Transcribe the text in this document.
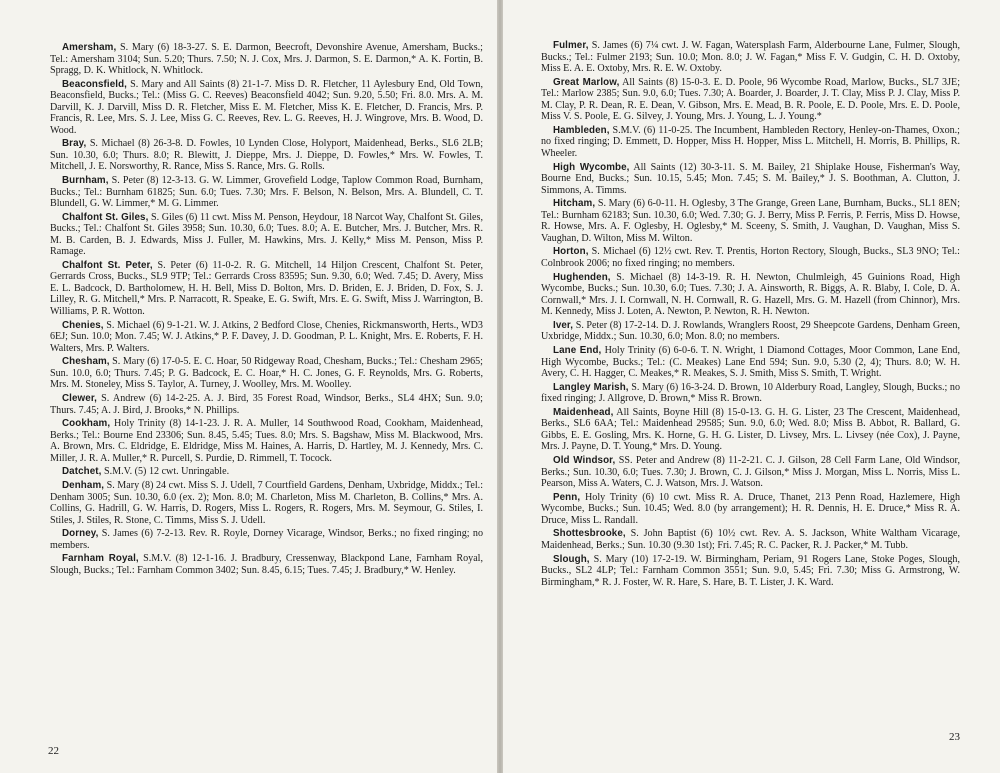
Amersham, S. Mary (6) 18-3-27. S. E. Darmon, Beecroft, Devonshire Avenue, Amersham, Bucks.; Tel.: Amersham 3104; Sun. 5.20; Thurs. 7.50; N. J. Cox, Mrs. J. Darmon, S. E. Darmon,* A. K. Fortin, B. Spragg, D. K. Whitlock, N. Whitlock.

Beaconsfield, S. Mary and All Saints (8) 21-1-7. Miss D. R. Fletcher, 11 Aylesbury End, Old Town, Beaconsfield, Bucks.; Tel.: (Miss G. C. Reeves) Beaconsfield 4042; Sun. 9.20, 5.50; Fri. 8.0. Mrs. A. M. Darvill, K. J. Darvill, Miss D. R. Fletcher, Miss E. M. Fletcher, Miss K. E. Fletcher, D. Francis, Mrs. P. Francis, R. Lee, Mrs. S. J. Lee, Miss G. C. Reeves, Rev. L. G. Reeves, H. J. Wingrove, Mrs. B. Wood, D. Wood.

Bray, S. Michael (8) 26-3-8. D. Fowles, 10 Lynden Close, Holyport, Maidenhead, Berks., SL6 2LB; Sun. 10.30, 6.0; Thurs. 8.0; R. Blewitt, J. Dieppe, Mrs. J. Dieppe, D. Fowles,* Mrs. W. Fowles, T. Mitchell, J. E. Norsworthy, R. Rance, Miss S. Rance, Mrs. G. Rolls.

Burnham, S. Peter (8) 12-3-13. G. W. Limmer, Grovefield Lodge, Taplow Common Road, Burnham, Bucks.; Tel.: Burnham 61825; Sun. 6.0; Tues. 7.30; Mrs. F. Belson, N. Belson, Mrs. A. Blundell, C. T. Blundell, G. W. Limmer,* M. G. Limmer.

Chalfont St. Giles, S. Giles (6) 11 cwt. Miss M. Penson, Heydour, 18 Narcot Way, Chalfont St. Giles, Bucks.; Tel.: Chalfont St. Giles 3958; Sun. 10.30, 6.0; Tues. 8.0; A. E. Butcher, Mrs. J. Butcher, Mrs. R. M. B. Carden, B. J. Edwards, Miss J. Fuller, M. Hawkins, Mrs. J. Kelly,* Miss M. Penson, Miss P. Ramage.

Chalfont St. Peter, S. Peter (6) 11-0-2. R. G. Mitchell, 14 Hiljon Crescent, Chalfont St. Peter, Gerrards Cross, Bucks., SL9 9TP; Tel.: Gerrards Cross 83595; Sun. 9.30, 6.0; Wed. 7.45; D. Avery, Miss E. L. Badcock, D. Bartholomew, H. H. Bell, Miss D. Bolton, Mrs. D. Briden, E. J. Briden, D. Fox, S. J. Lilley, R. G. Mitchell,* Mrs. P. Narracott, R. Speake, E. G. Swift, Mrs. E. G. Swift, Miss J. Warrington, B. Williams, P. R. Wotton.

Chenies, S. Michael (6) 9-1-21. W. J. Atkins, 2 Bedford Close, Chenies, Rickmansworth, Herts., WD3 6EJ; Sun. 10.0; Mon. 7.45; W. J. Atkins,* P. F. Davey, J. D. Goodman, P. L. Knight, Mrs. E. Roberts, F. H. Walters, Mrs. P. Walters.

Chesham, S. Mary (6) 17-0-5. E. C. Hoar, 50 Ridgeway Road, Chesham, Bucks.; Tel.: Chesham 2965; Sun. 10.0, 6.0; Thurs. 7.45; P. G. Badcock, E. C. Hoar,* H. C. Jones, G. F. Reynolds, Mrs. G. Roberts, Mrs. M. Stoneley, Miss S. Taylor, A. Turney, J. Woolley, Mrs. M. Woolley.

Clewer, S. Andrew (6) 14-2-25. A. J. Bird, 35 Forest Road, Windsor, Berks., SL4 4HX; Sun. 9.0; Thurs. 7.45; A. J. Bird, J. Brooks,* N. Phillips.

Cookham, Holy Trinity (8) 14-1-23. J. R. A. Muller, 14 Southwood Road, Cookham, Maidenhead, Berks.; Tel.: Bourne End 23306; Sun. 8.45, 5.45; Tues. 8.0; Mrs. S. Bagshaw, Miss M. Blackwood, Mrs. A. Brown, Mrs. C. Eldridge, E. Eldridge, Miss M. Haines, A. Harris, D. Hartley, M. J. Kennedy, Mrs. C. Miller, J. R. A. Muller,* R. Purcell, S. Purdie, D. Rimmell, T. Tocock.

Datchet, S.M.V. (5) 12 cwt. Unringable.

Denham, S. Mary (8) 24 cwt. Miss S. J. Udell, 7 Courtfield Gardens, Denham, Uxbridge, Middx.; Tel.: Denham 3005; Sun. 10.30, 6.0 (ex. 2); Mon. 8.0; M. Charleton, Miss M. Charleton, B. Collins,* Mrs. A. Collins, G. Hadrill, G. W. Harris, D. Rogers, Miss L. Rogers, R. Rogers, Mrs. M. Seymour, G. Stiles, I. Stiles, J. Stiles, R. Stone, C. Timms, Miss S. J. Udell.

Dorney, S. James (6) 7-2-13. Rev. R. Royle, Dorney Vicarage, Windsor, Berks.; no fixed ringing; no members.

Farnham Royal, S.M.V. (8) 12-1-16. J. Bradbury, Cressenway, Blackpond Lane, Farnham Royal, Slough, Bucks.; Tel.: Farnham Common 3402; Sun. 8.45, 6.15; Tues. 7.45; J. Bradbury,* W. Henley.

22

Fulmer, S. James (6) 7¼ cwt. J. W. Fagan, Watersplash Farm, Alderbourne Lane, Fulmer, Slough, Bucks.; Tel.: Fulmer 2193; Sun. 10.0; Mon. 8.0; J. W. Fagan,* Miss F. V. Gudgin, C. H. D. Oxtoby, Miss E. A. E. Oxtoby, Mrs. R. E. W. Oxtoby.

Great Marlow, All Saints (8) 15-0-3. E. D. Poole, 96 Wycombe Road, Marlow, Bucks., SL7 3JE; Tel.: Marlow 2385; Sun. 9.0, 6.0; Tues. 7.30; A. Boarder, J. Boarder, J. T. Clay, Miss P. J. Clay, Miss P. M. Clay, P. R. Dean, R. E. Dean, V. Gibson, Mrs. E. Mead, B. R. Poole, E. D. Poole, Mrs. E. D. Poole, Miss V. S. Poole, E. G. Silvey, J. Young, Mrs. J. Young, L. J. Young.*

Hambleden, S.M.V. (6) 11-0-25. The Incumbent, Hambleden Rectory, Henley-on-Thames, Oxon.; no fixed ringing; D. Emmett, D. Hopper, Miss H. Hopper, Miss L. Mitchell, H. Morris, B. Phillips, R. Wheeler.

High Wycombe, All Saints (12) 30-3-11. S. M. Bailey, 21 Shiplake House, Fisherman's Way, Bourne End, Bucks.; Sun. 10.15, 5.45; Mon. 7.45; S. M. Bailey,* J. S. Boothman, A. Clutton, J. Simmons, A. Timms.

Hitcham, S. Mary (6) 6-0-11. H. Oglesby, 3 The Grange, Green Lane, Burnham, Bucks., SL1 8EN; Tel.: Burnham 62183; Sun. 10.30, 6.0; Wed. 7.30; G. J. Berry, Miss P. Ferris, P. Ferris, Miss D. Howse, R. Howse, Mrs. A. F. Oglesby, H. Oglesby,* M. Sceeny, S. Smith, J. Vaughan, D. Vaughan, Miss S. Vaughan, D. Wilton, Miss M. Wilton.

Horton, S. Michael (6) 12½ cwt. Rev. T. Prentis, Horton Rectory, Slough, Bucks., SL3 9NO; Tel.: Colnbrook 2006; no fixed ringing; no members.

Hughenden, S. Michael (8) 14-3-19. R. H. Newton, Chulmleigh, 45 Guinions Road, High Wycombe, Bucks.; Sun. 10.30, 6.0; Tues. 7.30; J. A. Ainsworth, R. Biggs, A. R. Blaby, I. Cole, D. A. Cornwall,* Mrs. J. I. Cornwall, N. H. Cornwall, R. G. Hazell, Mrs. G. M. Hazell (from Chinnor), Mrs. M. Kennedy, Miss J. Loten, A. Newton, P. Newton, R. H. Newton.

Iver, S. Peter (8) 17-2-14. D. J. Rowlands, Wranglers Roost, 29 Sheepcote Gardens, Denham Green, Uxbridge, Middx.; Sun. 10.30, 6.0; Mon. 8.0; no members.

Lane End, Holy Trinity (6) 6-0-6. T. N. Wright, 1 Diamond Cottages, Moor Common, Lane End, High Wycombe, Bucks.; Tel.: (C. Meakes) Lane End 594; Sun. 9.0, 5.30 (2, 4); Thurs. 8.0; W. H. Avery, C. H. Hagger, C. Meakes,* R. Meakes, S. J. Smith, Miss S. Smith, T. Wright.

Langley Marish, S. Mary (6) 16-3-24. D. Brown, 10 Alderbury Road, Langley, Slough, Bucks.; no fixed ringing; J. Allgrove, D. Brown,* Miss R. Brown.

Maidenhead, All Saints, Boyne Hill (8) 15-0-13. G. H. G. Lister, 23 The Crescent, Maidenhead, Berks., SL6 6AA; Tel.: Maidenhead 29585; Sun. 9.0, 6.0; Wed. 8.0; Miss B. Abbot, R. Ballard, G. Gibbs, E. E. Gosling, Mrs. K. Horne, G. H. G. Lister, D. Livsey, Mrs. L. Livsey (née Cox), J. Payne, Mrs. J. Payne, D. T. Young,* Mrs. D. Young.

Old Windsor, SS. Peter and Andrew (8) 11-2-21. C. J. Gilson, 28 Cell Farm Lane, Old Windsor, Berks.; Sun. 10.30, 6.0; Tues. 7.30; J. Brown, C. J. Gilson,* Miss J. Morgan, Miss L. Norris, Miss L. Pearson, Miss A. Waters, C. J. Watson, Mrs. J. Watson.

Penn, Holy Trinity (6) 10 cwt. Miss R. A. Druce, Thanet, 213 Penn Road, Hazlemere, High Wycombe, Bucks.; Sun. 10.45; Wed. 8.0 (by arrangement); H. R. Dennis, H. E. Druce,* Miss R. A. Druce, Miss L. Randall.

Shottesbrooke, S. John Baptist (6) 10½ cwt. Rev. A. S. Jackson, White Waltham Vicarage, Maidenhead, Berks.; Sun. 10.30 (9.30 1st); Fri. 7.45; R. C. Packer, R. J. Packer,* M. Tubb.

Slough, S. Mary (10) 17-2-19. W. Birmingham, Periam, 91 Rogers Lane, Stoke Poges, Slough, Bucks., SL2 4LP; Tel.: Farnham Common 3551; Sun. 9.0, 5.45; Fri. 7.30; Miss G. Armstrong, W. Birmingham,* R. J. Foster, W. R. Hare, S. Hare, B. T. Lister, J. K. Ward.

23
